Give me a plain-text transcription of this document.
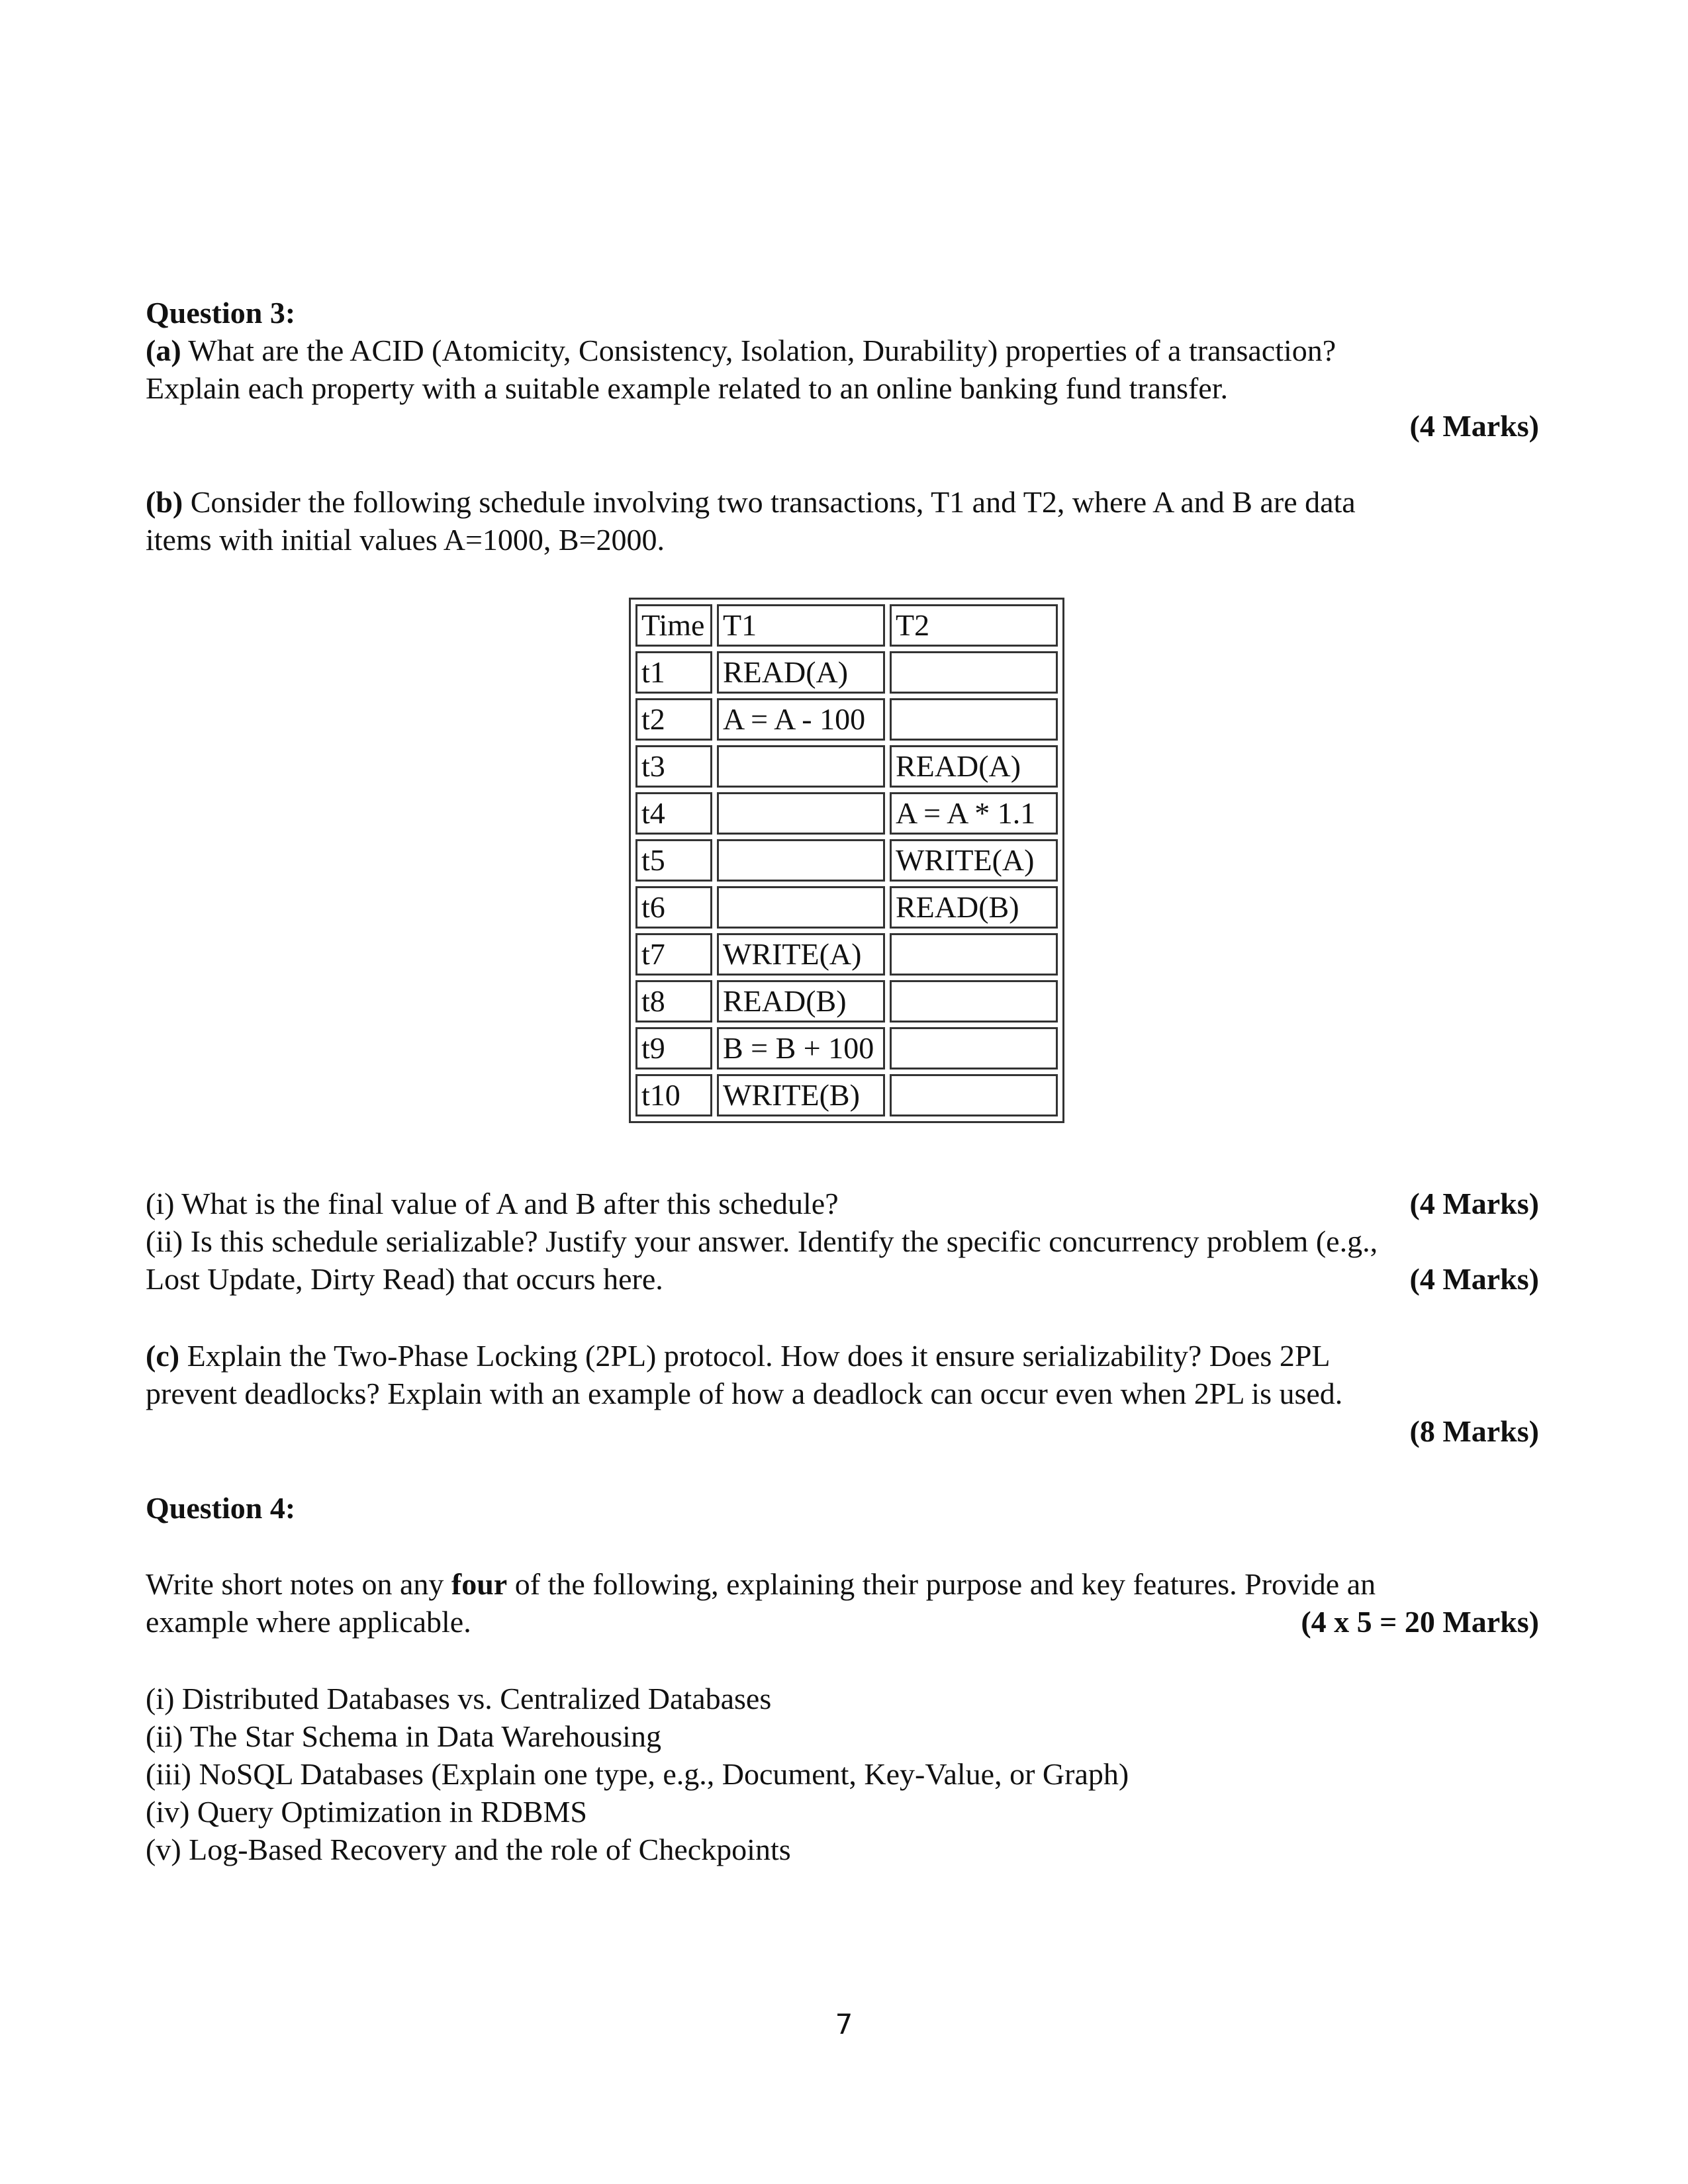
Question 3:
(a) What are the ACID (Atomicity, Consistency, Isolation, Durability) properties of a transaction?
Explain each property with a suitable example related to an online banking fund transfer.
(4 Marks)
(b) Consider the following schedule involving two transactions, T1 and T2, where A and B are data
items with initial values A=1000, B=2000.
Time	T1	T2
t1	READ(A)	
t2	A = A - 100	
t3		READ(A)
t4		A = A * 1.1
t5		WRITE(A)
t6		READ(B)
t7	WRITE(A)	
t8	READ(B)	
t9	B = B + 100	
t10	WRITE(B)	
(i) What is the final value of A and B after this schedule?	(4 Marks)
(ii) Is this schedule serializable? Justify your answer. Identify the specific concurrency problem (e.g.,
Lost Update, Dirty Read) that occurs here.	(4 Marks)
(c) Explain the Two-Phase Locking (2PL) protocol. How does it ensure serializability? Does 2PL
prevent deadlocks? Explain with an example of how a deadlock can occur even when 2PL is used.
(8 Marks)
Question 4:
Write short notes on any four of the following, explaining their purpose and key features. Provide an
example where applicable.	(4 x 5 = 20 Marks)
(i) Distributed Databases vs. Centralized Databases
(ii) The Star Schema in Data Warehousing
(iii) NoSQL Databases (Explain one type, e.g., Document, Key-Value, or Graph)
(iv) Query Optimization in RDBMS
(v) Log-Based Recovery and the role of Checkpoints
7
